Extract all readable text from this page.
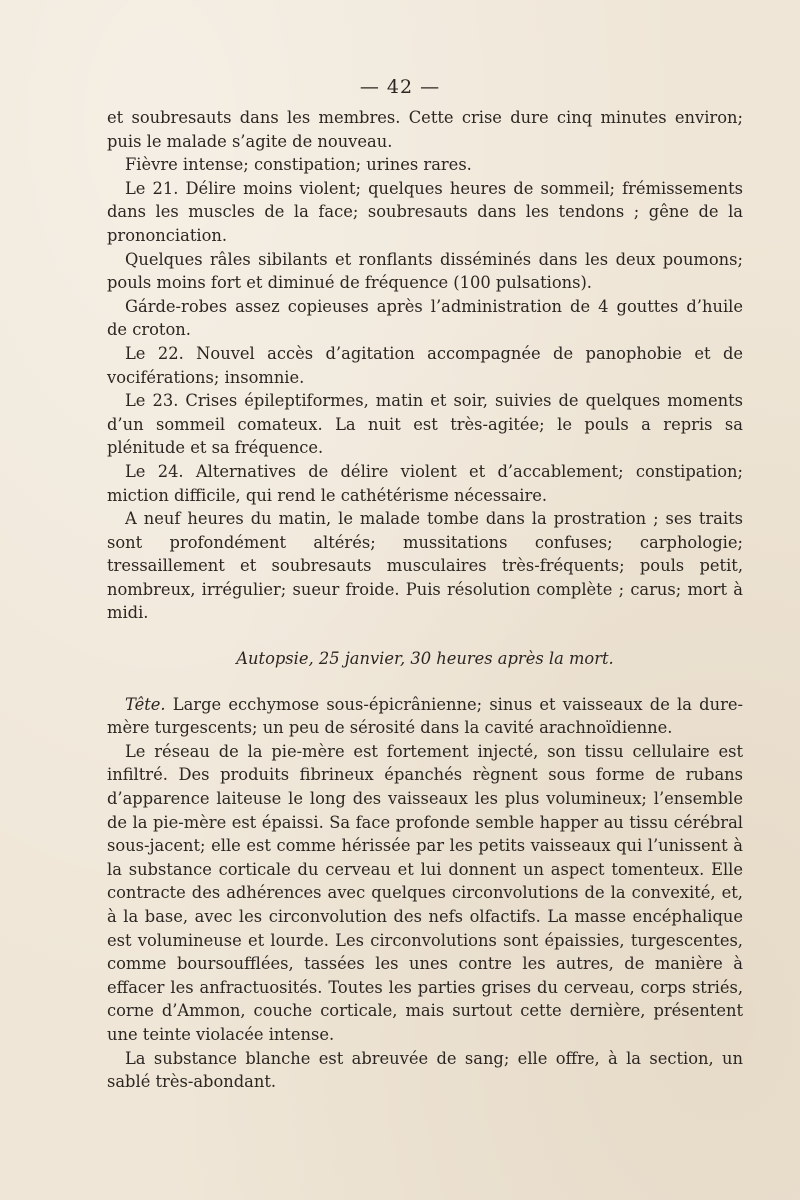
— 42 —

et soubresauts dans les membres. Cette crise dure cinq minutes environ; puis le malade s’agite de nouveau.

Fièvre intense; constipation; urines rares.

Le 21. Délire moins violent; quelques heures de sommeil; frémissements dans les muscles de la face; soubresauts dans les tendons ; gêne de la prononciation.

Quelques râles sibilants et ronflants disséminés dans les deux poumons; pouls moins fort et diminué de fréquence (100 pulsations).

Gárde-robes assez copieuses après l’administration de 4 gouttes d’huile de croton.

Le 22. Nouvel accès d’agitation accompagnée de panophobie et de vociférations; insomnie.

Le 23. Crises épileptiformes, matin et soir, suivies de quelques moments d’un sommeil comateux. La nuit est très-agitée; le pouls a repris sa plénitude et sa fréquence.

Le 24. Alternatives de délire violent et d’accablement; constipation; miction difficile, qui rend le cathétérisme nécessaire.

A neuf heures du matin, le malade tombe dans la prostration ; ses traits sont profondément altérés; mussitations confuses; carphologie; tressaillement et soubresauts musculaires très-fréquents; pouls petit, nombreux, irrégulier; sueur froide. Puis résolution complète ; carus; mort à midi.

Autopsie, 25 janvier, 30 heures après la mort.

Tête. Large ecchymose sous-épicrânienne; sinus et vaisseaux de la dure-mère turgescents; un peu de sérosité dans la cavité arachnoïdienne.

Le réseau de la pie-mère est fortement injecté, son tissu cellulaire est infiltré. Des produits fibrineux épanchés règnent sous forme de rubans d’apparence laiteuse le long des vaisseaux les plus volumineux; l’ensemble de la pie-mère est épaissi. Sa face profonde semble happer au tissu cérébral sous-jacent; elle est comme hérissée par les petits vaisseaux qui l’unissent à la substance corticale du cerveau et lui donnent un aspect tomenteux. Elle contracte des adhérences avec quelques circonvolutions de la convexité, et, à la base, avec les circonvolution des nefs olfactifs. La masse encéphalique est volumineuse et lourde. Les circonvolutions sont épaissies, turgescentes, comme boursoufflées, tassées les unes contre les autres, de manière à effacer les anfractuosités. Toutes les parties grises du cerveau, corps striés, corne d’Ammon, couche corticale, mais surtout cette dernière, présentent une teinte violacée intense.

La substance blanche est abreuvée de sang; elle offre, à la section, un sablé très-abondant.
